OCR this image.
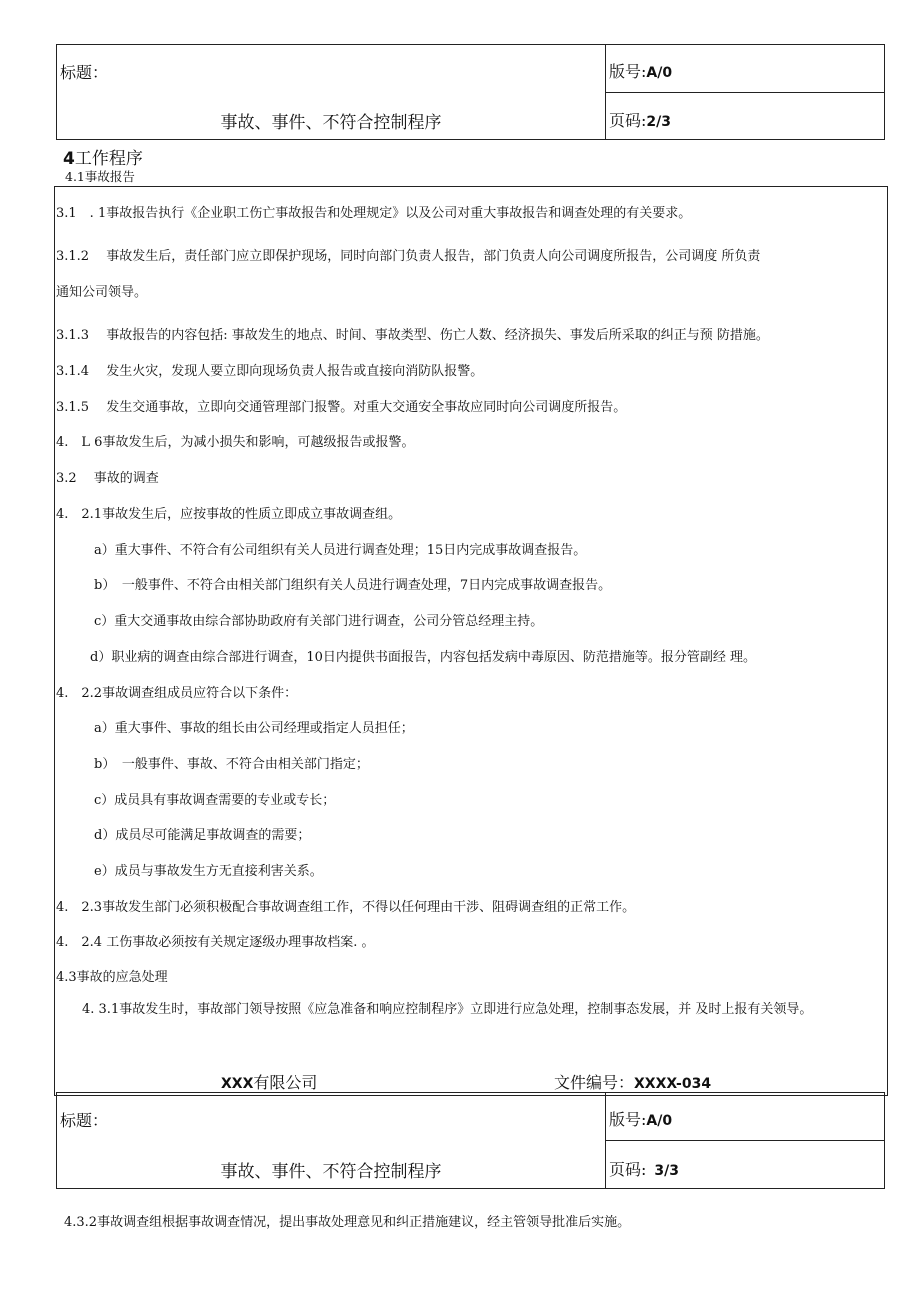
标题：
事故、事件、不符合控制程序
版号:A/0
页码:2/3
4工作程序
4.1事故报告
3.1　. 1事故报告执行《企业职工伤亡事故报告和处理规定》以及公司对重大事故报告和调查处理的有关要求。
3.1.2　 事故发生后，责任部门应立即保护现场，同时向部门负责人报告，部门负责人向公司调度所报告，公司调度 所负责
通知公司领导。
3.1.3　 事故报告的内容包括: 事故发生的地点、时间、事故类型、伤亡人数、经济损失、事发后所采取的纠正与预 防措施。
3.1.4　 发生火灾，发现人要立即向现场负责人报告或直接向消防队报警。
3.1.5　 发生交通事故，立即向交通管理部门报警。对重大交通安全事故应同时向公司调度所报告。
4.　L 6事故发生后，为减小损失和影响，可越级报告或报警。
3.2　 事故的调查
4.　2.1事故发生后，应按事故的性质立即成立事故调查组。
a）重大事件、不符合有公司组织有关人员进行调查处理；15日内完成事故调查报告。
b）　一般事件、不符合由相关部门组织有关人员进行调查处理，7日内完成事故调查报告。
c）重大交通事故由综合部协助政府有关部门进行调查，公司分管总经理主持。
d）职业病的调查由综合部进行调查，10日内提供书面报告，内容包括发病中毒原因、防范措施等。报分管副经 理。
4.　2.2事故调查组成员应符合以下条件：
a）重大事件、事故的组长由公司经理或指定人员担任；
b）　一般事件、事故、不符合由相关部门指定；
c）成员具有事故调查需要的专业或专长；
d）成员尽可能满足事故调查的需要；
e）成员与事故发生方无直接利害关系。
4.　2.3事故发生部门必须积极配合事故调查组工作，不得以任何理由干涉、阻碍调查组的正常工作。
4.　2.4 工伤事故必须按有关规定逐级办理事故档案. 。
4.3事故的应急处理
　　4. 3.1事故发生时，事故部门领导按照《应急准备和响应控制程序》立即进行应急处理，控制事态发展，并 及时上报有关领导。
XXX有限公司	文件编号：XXXX-034
标题：
事故、事件、不符合控制程序
版号:A/0
页码: 3/3
4.3.2事故调查组根据事故调查情况，提出事故处理意见和纠正措施建议，经主管领导批准后实施。
